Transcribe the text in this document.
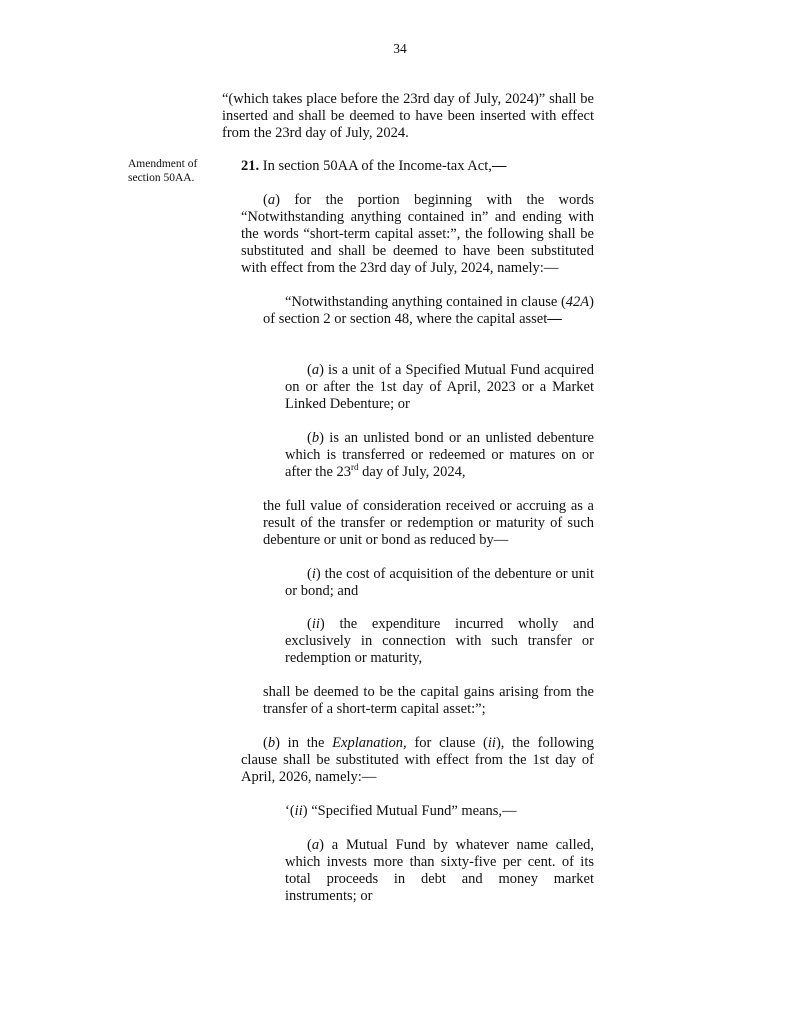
34

“(which takes place before the 23rd day of July, 2024)” shall be inserted and shall be deemed to have been inserted with effect from the 23rd day of July, 2024.

Amendment of
section 50AA.

21. In section 50AA of the Income-tax Act,—

(a) for the portion beginning with the words “Notwithstanding anything contained in” and ending with the words “short-term capital asset:”, the following shall be substituted and shall be deemed to have been substituted with effect from the 23rd day of July, 2024, namely:—

“Notwithstanding anything contained in clause (42A) of section 2 or section 48, where the capital asset—

(a) is a unit of a Specified Mutual Fund acquired on or after the 1st day of April, 2023 or a Market Linked Debenture; or

(b) is an unlisted bond or an unlisted debenture which is transferred or redeemed or matures on or after the 23rd day of July, 2024,

the full value of consideration received or accruing as a result of the transfer or redemption or maturity of such debenture or unit or bond as reduced by—

(i) the cost of acquisition of the debenture or unit or bond; and

(ii) the expenditure incurred wholly and exclusively in connection with such transfer or redemption or maturity,

shall be deemed to be the capital gains arising from the transfer of a short-term capital asset:”;

(b) in the Explanation, for clause (ii), the following clause shall be substituted with effect from the 1st day of April, 2026, namely:—

‘(ii) “Specified Mutual Fund” means,—

(a) a Mutual Fund by whatever name called, which invests more than sixty-five per cent. of its total proceeds in debt and money market instruments; or
